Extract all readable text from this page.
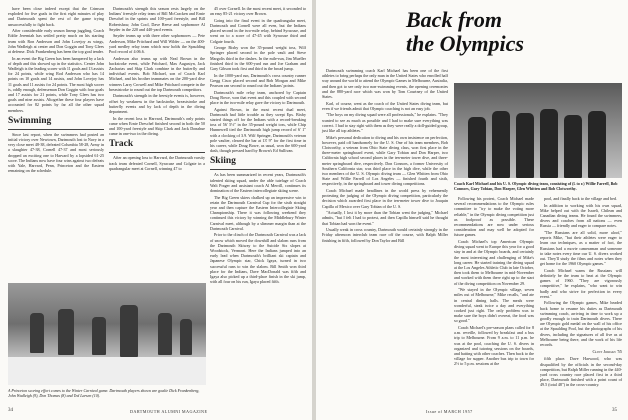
have been close indeed except that the Crimson exploded for five goals in the first eight minutes of play and Dartmouth spent the rest of the game trying unsuccessfully to fight back.

After considerable early season lineup juggling, Coach Eddie Jeremiah has settled pretty much on his starting team with Ron Anderson and John Lovejoy as wings, John Wadleigh at center and Don Goggin and Tony Glees at defense. Dick Frankenberg has been the top goal tender.

In an event the Big Green has been hampered by a lack of depth and this showed up in the statistics. Center John Wadleigh is the leading scorer with 11 goals and 13 assists for 24 points, while wing Rod Anderson who has 14 points on 10 goals and 14 assists, and John Lovejoy has 11 goals and 11 assists for 24 points. The most high scorer is, oddly enough, defenseman Don Goggin with four goals and 17 assists for 21 points, while Tony Glees has two goals and nine assists. Altogether these four players have accounted for 82 points by far all the other squad members.

Swimming

Since last report, when the swimmers had posted an initial victory over Newtown, Dartmouth lost to Navy in a very close meet 48-38, defeated Columbia 58-28, Army in a slaughter 47-38, Cornell 47-37 and most seriously dropped an exciting one to Harvard by a lopsided 61-25 score. The Indians now have four wins against two defeats with Yale, Harvard, Penn, Princeton and the Eastern remaining on the schedule.

Dartmouth's strength this season rests largely on the Indians' freestyle relay team of Bill McCracken and Ernie Dreschel in the sprints and 100-yard freestyle, and Bill Robertshaw, John Cool, Dave Reese and sophomore Al Snyder in the 220 and 440-yard events.

Snyder teams up with three other sophomores — Pete Anderson, Mike Pritchard and Will Wilder — on the 400-yard medley relay team which now holds the Spaulding Pool record of 4:06.6.

Anderson also teams up with Neal Brown in the backstroke event, while Pritchard, Max Augustyn, Jack Zacharias and Skip Clark combine in the butterfly and individual events. Bob Michael, son of Coach Karl Michael, and his brother teammates on the 200-yard dive winners Larry Crowell and Mike Pritchard compete in the breaststroke to round out the top Dartmouth competitors.

Dartmouth's strength in the freestyle events is, however, offset by weakness in the backstroke, breaststroke and butterfly events and by lack of depth in the diving department.

In the recent loss to Harvard, Dartmouth's only points came when Ernie Dreschel finished second in both the 50 and 100-yard freestyle and Skip Clark and Jack Donahue came in one-two in the diving.

Track

After an opening loss to Harvard, the Dartmouth varsity track team defeated Cornell, Syracuse and Colgate in a quadrangular meet at Cornell, winning 47 to

45 over Cornell. In the most recent meet, it seconded to an easy 85-21 victory over Brown.

Going into the final event in the quadrangular meet, Dartmouth and Cornell were all even, but the Indians placed second in the two-mile relay, behind Syracuse, and went on to a score of 47-45 with Syracuse third and Colgate fourth.

George Bixby won the 35-pound weight toss, Wilf Springer placed second in the pole vault and Steve Margolis third in the dashes. In the mile-run, Jim Mueller finished third in the 600-yard run and Joe Graham and Gary Gibson took first and third in the broad jump.

In the 1000-yard run, Dartmouth's cross country runner Gregg Cisco placed second and Bob Morgan and Mike Pearson ran second to round out the Indians' points.

Dartmouth's mile relay team, anchored by Captain Doug Bowe, won that event and this coupled with second place in the two-mile relay gave the victory to Dartmouth.

Against Brown, in the most recent dual meet, Dartmouth had little trouble as they swept Eps. Bixby started things off for the Indians with a record-breaking toss of 56' 5½" in the 35-pound weight toss, while Chip Hunnewell tied the Dartmouth high jump record of 6' 1" with a clocking of 3.9. Wilf Springer, Dartmouth's veteran pole vaulter, cleared the bar at 13' 9" for the first time in his career, while Doug Bowe, as usual, won the 600-yard dash, though pressed hard by Brown's Ed Sullivan.

Skiing

As has been summarized in recent years, Dartmouth's talented skiing squad, under the able tutelage of Coach Walt Prager and assistant coach Al Merrill, continues its domination of the Eastern intercollegiate skiing scene.

The Big Green skiers chalked up an impressive win to retain the Dartmouth Carnival Cup for the sixth straight year and then capture the Eastern Intercollegiate Skiing Championship. There it was following weekend they continued this victory by winning the Middlebury Winter Carnival meet, although by a slimmer margin than at the Dartmouth Carnival.

Prior to the clinch of the Dartmouth Carnival was a lack of snow which moved the downhill and slalom runs from the Dartmouth Skiway to the Suicide Six slopes at Woodstock, Vermont. Here the Indians jumped into an early lead when Dartmouth's brilliant ski captain and Japanese Olympic star, Chick Igaya, turned in two successful runs to win the slalom. Bill Smith won third place for the Indians, Dave MacDonald was fifth and Igaya also picked up a third-place finish in the ski jump, with all four on his run, Igaya placed fifth.

A Princeton scoring effort comes to the Winter Carnival game. Dartmouth players shown are goalie Dick Frankenberg, John Wadleigh (9), Don Thomas (8) and Ted Larsen (10).
34	DARTMOUTH ALUMNI MAGAZINE
Back from the Olympics

Dartmouth swimming coach Karl Michael has been one of the first athletes to bring perhaps the only man in the United States who enrolled half way around the world to attend the Olympic Games in Melbourne, Australia, and then got to see only two non-swimming events, the opening ceremonies and the 880-yard race which was won by Tom Courtney of the United States.

Karl, of course, went as the coach of the United States diving team, but even if we friends admit that Olympic coaching is not an easy job.

"The boys on my diving squad were all professionals," he explains. "They wanted to see as much as possible and I had to make sure everything was correct. I had to stay right with them as they were really a doll-guided group, just like all top athletes."

Mike's personal dedication to diving and his own insistence on perfection, however, paid off handsomely for the U. S. One of his team members, Bob Clotworthy, a veteran from Ohio State diving class, won first place in the three-meter springboard event, while Gary Tobian and Don Harper, two California high school second places in the ten-meter tower dive, and three-meter springboard dive, respectively. Don Connors, a former University of Southern California star, was third place in the high dive, while the other two members of the U. S. Olympic diving team — Glen Whitten from Ohio State and Willie Farrell of Los Angeles — finished fourth and sixth, respectively, in the springboard and tower diving competitions.

Coach Michael made headlines in the world press by vehemently protesting the judging of the Olympic diving competition, particularly the decision which awarded first place in the ten-meter tower dive to Joaquin Capilla of Mexico over Gary Tobian of the U. S.

"Actually, I lost it by more than the Tobian went the judging," Michael admits, "but I felt I had to protest, and then Capilla himself said he thought that Tobian had won the event."

Usually weak in cross country, Dartmouth would certainly strongly in the Friday afternoon interclub team race off the course, with Ralph Miller finishing in fifth, followed by Don Taylor and Bill

Coach Karl Michael and his U. S. Olympic diving team, consisting of (l. to r.) Willie Farrell, Bob Connors, Gary Tobian, Don Harper, Glen Whitten and Bob Clotworthy.

Following his protest, Coach Michael made several recommendations to the Olympic rules committee to "try to make the voting more reliable," in the Olympic diving competition just as foolproof as possible. These recommendations are now under serious consideration and may well be adopted for future games.

Coach Michael's top American Olympic diving squad went to Europe this year for a good stay in and at the Olympic boards, and certainly the most interesting and challenging of Mike's long career. He started training the diving squad at the Los Angeles Athletic Club in late October, then took them to Melbourne in mid-November and worked with them there right up to the start of the diving competition on November 29.

"We stayed in the Olympic village, seven miles out of Melbourne," Mike recalls, "and ate in central dining halls. The meals were wonderful, steak twice a day and everything cooked just right. The only problem was to make sure the boys didn't overeat, the food was so good."

Coach Michael's pre-season plans called for 8 a.m. reveille, followed by breakfast and a bus trip to Melbourne. From 9 a.m. to 11 p.m. he was at the pool, coaching the U. S. divers in organized and tutoring sessions on the boards, and batting with other coaches. Then back to the village for supper. Another bus trip to town for 2½ to 5 p.m. sessions at the

pool, and finally back to the village and bed.

In addition to working with his own squad, Mike helped out with the Israeli, Chilean and Canadian diving teams. He found the swimmers, divers and coaches from all nations — even Russia — friendly and eager to compare notes.

"The Russians are all solid, more aloof," reports Mike, "but their athletes were eager to learn our techniques, as a matter of fact, the Russians had a movie cameraman and someone to take notes every time our U. S. divers worked out. They'll study the films and notes when they get home for the 1960 Olympic games."

Coach Michael warns the Russians will definitely be the team to beat at the Olympic games of 1960. "They are vigorously competitive," he explains, "who want to win badly and who strive for perfection in every event."

Following the Olympic games, Mike headed back home to resume his duties as Dartmouth swimming coach, arriving in time to work up a goodly enough to train Dartmouth divers. There are Olympic gold medal on the wall of his office at the Spaulding Pool, but the photographs of his divers, including the signatures of all five as at Melbourne being there, and the work of his life records.

Clint Jordan '55

fifth place. Dave Harwood, who was disqualified by the officials in the second-day competition, but Ralph Miller running in the 440-yard cross country race placed first in a third place, Dartmouth finished with a point count of 49.5 (total 48") in the cross-country.

Issue of MARCH 1957	35
